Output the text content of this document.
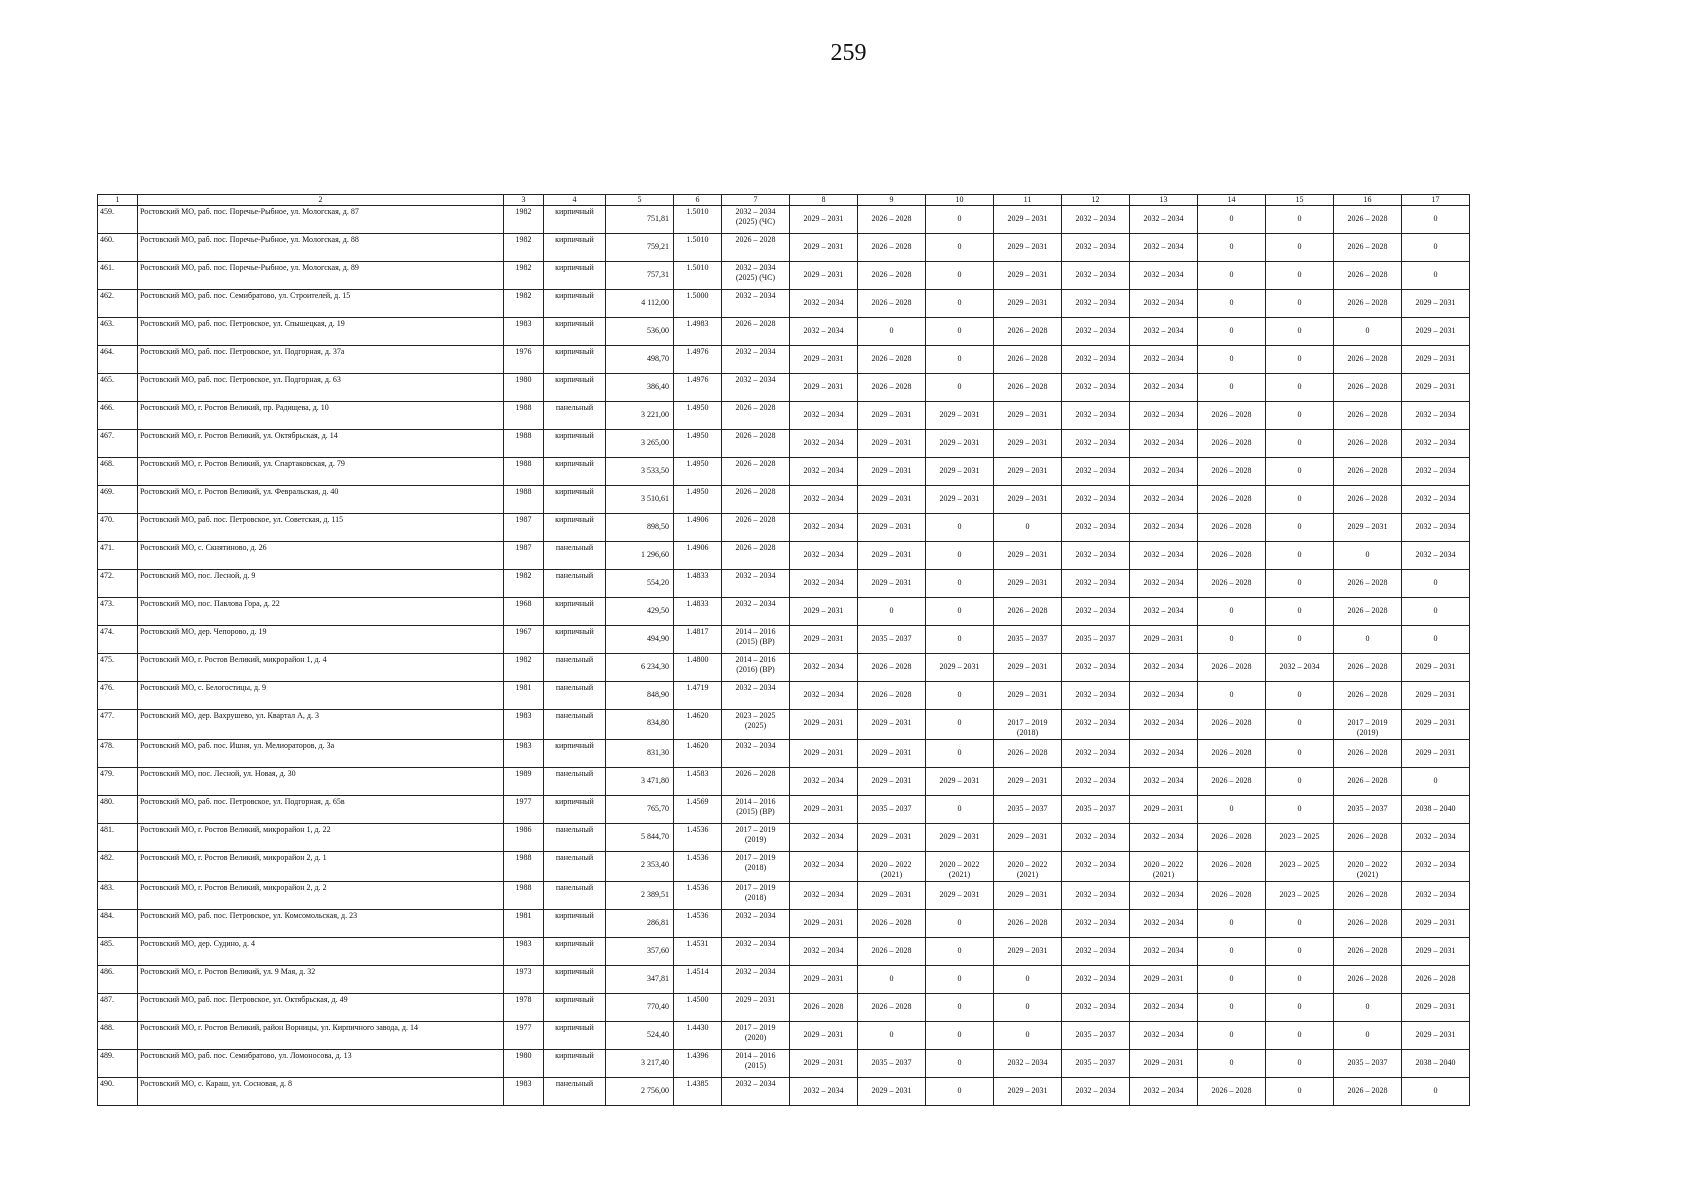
259
1	2	3	4	5	6	7	8	9	10	11	12	13	14	15	16	17
459.	Ростовский МО, раб. пос. Поречье-Рыбное, ул. Мологская, д. 87	1982	кирпичный	751,81	1.5010	2032 – 2034 (2025) (ЧС)	2029 – 2031	2026 – 2028	0	2029 – 2031	2032 – 2034	2032 – 2034	0	0	2026 – 2028	0
460.	Ростовский МО, раб. пос. Поречье-Рыбное, ул. Мологская, д. 88	1982	кирпичный	759,21	1.5010	2026 – 2028	2029 – 2031	2026 – 2028	0	2029 – 2031	2032 – 2034	2032 – 2034	0	0	2026 – 2028	0
461.	Ростовский МО, раб. пос. Поречье-Рыбное, ул. Мологская, д. 89	1982	кирпичный	757,31	1.5010	2032 – 2034 (2025) (ЧС)	2029 – 2031	2026 – 2028	0	2029 – 2031	2032 – 2034	2032 – 2034	0	0	2026 – 2028	0
462.	Ростовский МО, раб. пос. Семибратово, ул. Строителей, д. 15	1982	кирпичный	4 112,00	1.5000	2032 – 2034	2032 – 2034	2026 – 2028	0	2029 – 2031	2032 – 2034	2032 – 2034	0	0	2026 – 2028	2029 – 2031
463.	Ростовский МО, раб. пос. Петровское, ул. Спышецкая, д. 19	1983	кирпичный	536,00	1.4983	2026 – 2028	2032 – 2034	0	0	2026 – 2028	2032 – 2034	2032 – 2034	0	0	0	2029 – 2031
464.	Ростовский МО, раб. пос. Петровское, ул. Подгорная, д. 37а	1976	кирпичный	498,70	1.4976	2032 – 2034	2029 – 2031	2026 – 2028	0	2026 – 2028	2032 – 2034	2032 – 2034	0	0	2026 – 2028	2029 – 2031
465.	Ростовский МО, раб. пос. Петровское, ул. Подгорная, д. 63	1980	кирпичный	386,40	1.4976	2032 – 2034	2029 – 2031	2026 – 2028	0	2026 – 2028	2032 – 2034	2032 – 2034	0	0	2026 – 2028	2029 – 2031
466.	Ростовский МО, г. Ростов Великий, пр. Радищева, д. 10	1988	панельный	3 221,00	1.4950	2026 – 2028	2032 – 2034	2029 – 2031	2029 – 2031	2029 – 2031	2032 – 2034	2032 – 2034	2026 – 2028	0	2026 – 2028	2032 – 2034
467.	Ростовский МО, г. Ростов Великий, ул. Октябрьская, д. 14	1988	кирпичный	3 265,00	1.4950	2026 – 2028	2032 – 2034	2029 – 2031	2029 – 2031	2029 – 2031	2032 – 2034	2032 – 2034	2026 – 2028	0	2026 – 2028	2032 – 2034
468.	Ростовский МО, г. Ростов Великий, ул. Спартаковская, д. 79	1988	кирпичный	3 533,50	1.4950	2026 – 2028	2032 – 2034	2029 – 2031	2029 – 2031	2029 – 2031	2032 – 2034	2032 – 2034	2026 – 2028	0	2026 – 2028	2032 – 2034
469.	Ростовский МО, г. Ростов Великий, ул. Февральская, д. 40	1988	кирпичный	3 510,61	1.4950	2026 – 2028	2032 – 2034	2029 – 2031	2029 – 2031	2029 – 2031	2032 – 2034	2032 – 2034	2026 – 2028	0	2026 – 2028	2032 – 2034
470.	Ростовский МО, раб. пос. Петровское, ул. Советская, д. 115	1987	кирпичный	898,50	1.4906	2026 – 2028	2032 – 2034	2029 – 2031	0	0	2032 – 2034	2032 – 2034	2026 – 2028	0	2029 – 2031	2032 – 2034
471.	Ростовский МО, с. Скнятиново, д. 26	1987	панельный	1 296,60	1.4906	2026 – 2028	2032 – 2034	2029 – 2031	0	2029 – 2031	2032 – 2034	2032 – 2034	2026 – 2028	0	0	2032 – 2034
472.	Ростовский МО, пос. Лесной, д. 9	1982	панельный	554,20	1.4833	2032 – 2034	2032 – 2034	2029 – 2031	0	2029 – 2031	2032 – 2034	2032 – 2034	2026 – 2028	0	2026 – 2028	0
473.	Ростовский МО, пос. Павлова Гора, д. 22	1968	кирпичный	429,50	1.4833	2032 – 2034	2029 – 2031	0	0	2026 – 2028	2032 – 2034	2032 – 2034	0	0	2026 – 2028	0
474.	Ростовский МО, дер. Чепорово, д. 19	1967	кирпичный	494,90	1.4817	2014 – 2016 (2015) (ВР)	2029 – 2031	2035 – 2037	0	2035 – 2037	2035 – 2037	2029 – 2031	0	0	0	0
475.	Ростовский МО, г. Ростов Великий, микрорайон 1, д. 4	1982	панельный	6 234,30	1.4800	2014 – 2016 (2016) (ВР)	2032 – 2034	2026 – 2028	2029 – 2031	2029 – 2031	2032 – 2034	2032 – 2034	2026 – 2028	2032 – 2034	2026 – 2028	2029 – 2031
476.	Ростовский МО, с. Белогостицы, д. 9	1981	панельный	848,90	1.4719	2032 – 2034	2032 – 2034	2026 – 2028	0	2029 – 2031	2032 – 2034	2032 – 2034	0	0	2026 – 2028	2029 – 2031
477.	Ростовский МО, дер. Вахрушево, ул. Квартал А, д. 3	1983	панельный	834,80	1.4620	2023 – 2025 (2025)	2029 – 2031	2029 – 2031	0	2017 – 2019 (2018)	2032 – 2034	2032 – 2034	2026 – 2028	0	2017 – 2019 (2019)	2029 – 2031
478.	Ростовский МО, раб. пос. Ишня, ул. Мелиораторов, д. 3а	1983	кирпичный	831,30	1.4620	2032 – 2034	2029 – 2031	2029 – 2031	0	2026 – 2028	2032 – 2034	2032 – 2034	2026 – 2028	0	2026 – 2028	2029 – 2031
479.	Ростовский МО, пос. Лесной, ул. Новая, д. 30	1989	панельный	3 471,80	1.4583	2026 – 2028	2032 – 2034	2029 – 2031	2029 – 2031	2029 – 2031	2032 – 2034	2032 – 2034	2026 – 2028	0	2026 – 2028	0
480.	Ростовский МО, раб. пос. Петровское, ул. Подгорная, д. 65в	1977	кирпичный	765,70	1.4569	2014 – 2016 (2015) (ВР)	2029 – 2031	2035 – 2037	0	2035 – 2037	2035 – 2037	2029 – 2031	0	0	2035 – 2037	2038 – 2040
481.	Ростовский МО, г. Ростов Великий, микрорайон 1, д. 22	1986	панельный	5 844,70	1.4536	2017 – 2019 (2019)	2032 – 2034	2029 – 2031	2029 – 2031	2029 – 2031	2032 – 2034	2032 – 2034	2026 – 2028	2023 – 2025	2026 – 2028	2032 – 2034
482.	Ростовский МО, г. Ростов Великий, микрорайон 2, д. 1	1988	панельный	2 353,40	1.4536	2017 – 2019 (2018)	2032 – 2034	2020 – 2022 (2021)	2020 – 2022 (2021)	2020 – 2022 (2021)	2032 – 2034	2020 – 2022 (2021)	2026 – 2028	2023 – 2025	2020 – 2022 (2021)	2032 – 2034
483.	Ростовский МО, г. Ростов Великий, микрорайон 2, д. 2	1988	панельный	2 389,51	1.4536	2017 – 2019 (2018)	2032 – 2034	2029 – 2031	2029 – 2031	2029 – 2031	2032 – 2034	2032 – 2034	2026 – 2028	2023 – 2025	2026 – 2028	2032 – 2034
484.	Ростовский МО, раб. пос. Петровское, ул. Комсомольская, д. 23	1981	кирпичный	286,81	1.4536	2032 – 2034	2029 – 2031	2026 – 2028	0	2026 – 2028	2032 – 2034	2032 – 2034	0	0	2026 – 2028	2029 – 2031
485.	Ростовский МО, дер. Судино, д. 4	1983	кирпичный	357,60	1.4531	2032 – 2034	2032 – 2034	2026 – 2028	0	2029 – 2031	2032 – 2034	2032 – 2034	0	0	2026 – 2028	2029 – 2031
486.	Ростовский МО, г. Ростов Великий, ул. 9 Мая, д. 32	1973	кирпичный	347,81	1.4514	2032 – 2034	2029 – 2031	0	0	0	2032 – 2034	2029 – 2031	0	0	2026 – 2028	2026 – 2028
487.	Ростовский МО, раб. пос. Петровское, ул. Октябрьская, д. 49	1978	кирпичный	770,40	1.4500	2029 – 2031	2026 – 2028	2026 – 2028	0	0	2032 – 2034	2032 – 2034	0	0	0	2029 – 2031
488.	Ростовский МО, г. Ростов Великий, район Ворницы, ул. Кирпичного завода, д. 14	1977	кирпичный	524,40	1.4430	2017 – 2019 (2020)	2029 – 2031	0	0	0	2035 – 2037	2032 – 2034	0	0	0	2029 – 2031
489.	Ростовский МО, раб. пос. Семибратово, ул. Ломоносова, д. 13	1980	кирпичный	3 217,40	1.4396	2014 – 2016 (2015)	2029 – 2031	2035 – 2037	0	2032 – 2034	2035 – 2037	2029 – 2031	0	0	2035 – 2037	2038 – 2040
490.	Ростовский МО, с. Караш, ул. Сосновая, д. 8	1983	панельный	2 756,00	1.4385	2032 – 2034	2032 – 2034	2029 – 2031	0	2029 – 2031	2032 – 2034	2032 – 2034	2026 – 2028	0	2026 – 2028	0
